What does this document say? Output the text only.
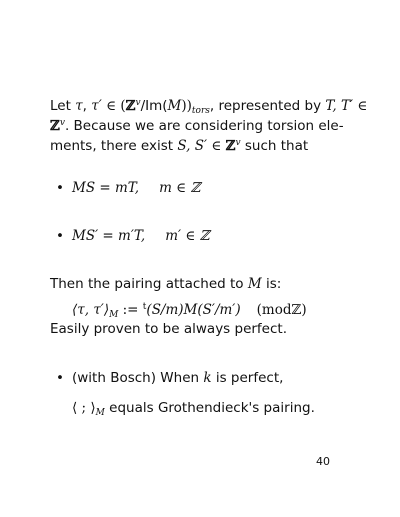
Let τ, τ′ ∈ $(ℤ^v/Im(M))_{tors}$, represented by T, T′ ∈
ℤ$^v$. Because we are considering torsion ele-
ments, there exist S, S′ ∈ ℤ$^v$ such that
• MS = mT, m ∈ ℤ
• MS′ = m′T, m′ ∈ ℤ
Then the pairing attached to M is:
⟨τ, $\tau'⟩_M$ := $^t$(S/m)M(S′/m′) (modℤ)
Easily proven to be always perfect.
• (with Bosch) When k is perfect,
⟨ ; $⟩_M$ equals Grothendieck's pairing.
40
